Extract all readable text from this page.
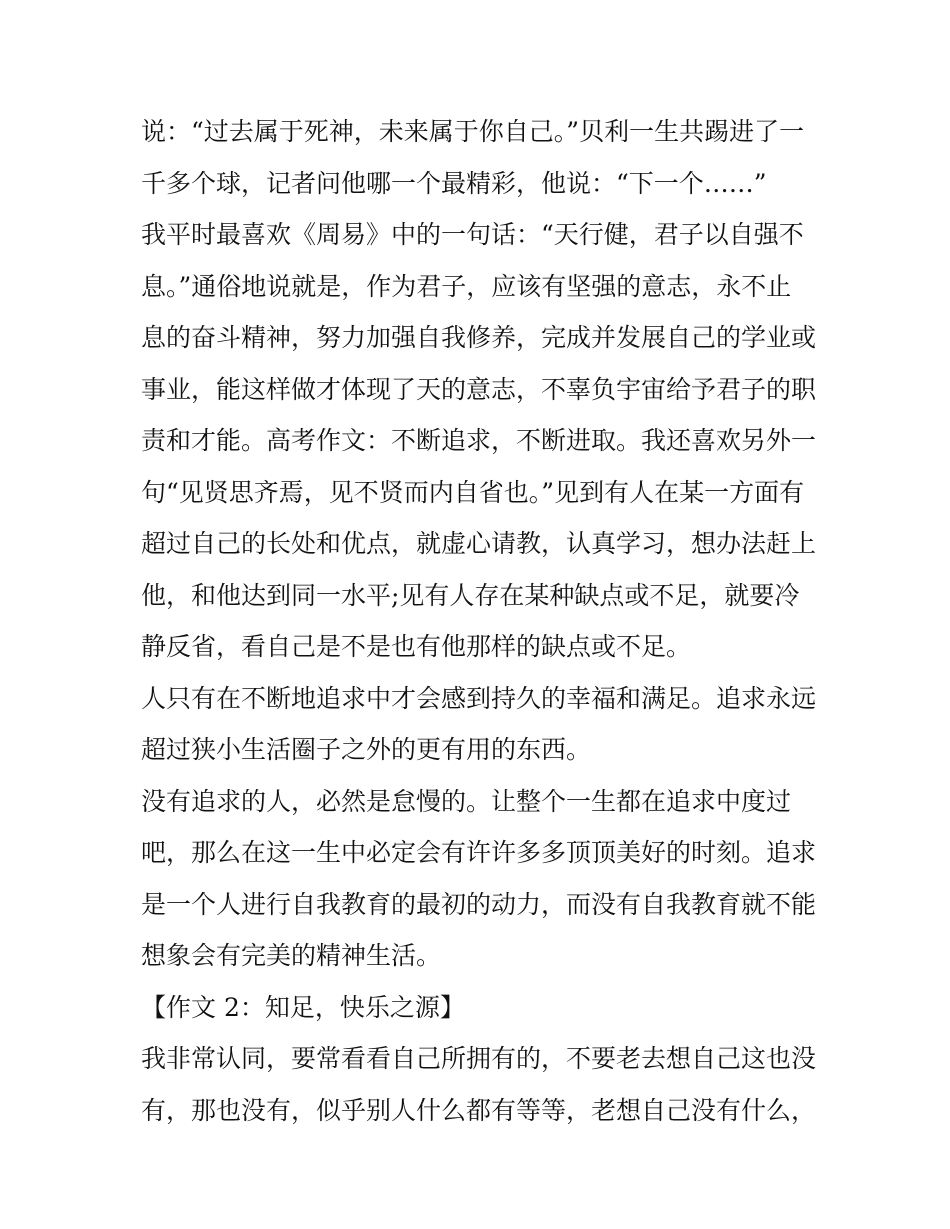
说：“过去属于死神，未来属于你自己。”贝利一生共踢进了一
千多个球，记者问他哪一个最精彩，他说：“下一个……”
我平时最喜欢《周易》中的一句话：“天行健，君子以自强不
息。”通俗地说就是，作为君子，应该有坚强的意志，永不止
息的奋斗精神，努力加强自我修养，完成并发展自己的学业或
事业，能这样做才体现了天的意志，不辜负宇宙给予君子的职
责和才能。高考作文：不断追求，不断进取。我还喜欢另外一
句“见贤思齐焉，见不贤而内自省也。”见到有人在某一方面有
超过自己的长处和优点，就虚心请教，认真学习，想办法赶上
他，和他达到同一水平;见有人存在某种缺点或不足，就要冷
静反省，看自己是不是也有他那样的缺点或不足。
人只有在不断地追求中才会感到持久的幸福和满足。追求永远
超过狭小生活圈子之外的更有用的东西。
没有追求的人，必然是怠慢的。让整个一生都在追求中度过
吧，那么在这一生中必定会有许许多多顶顶美好的时刻。追求
是一个人进行自我教育的最初的动力，而没有自我教育就不能
想象会有完美的精神生活。
【作文 2：知足，快乐之源】
我非常认同，要常看看自己所拥有的，不要老去想自己这也没
有，那也没有，似乎别人什么都有等等，老想自己没有什么，
